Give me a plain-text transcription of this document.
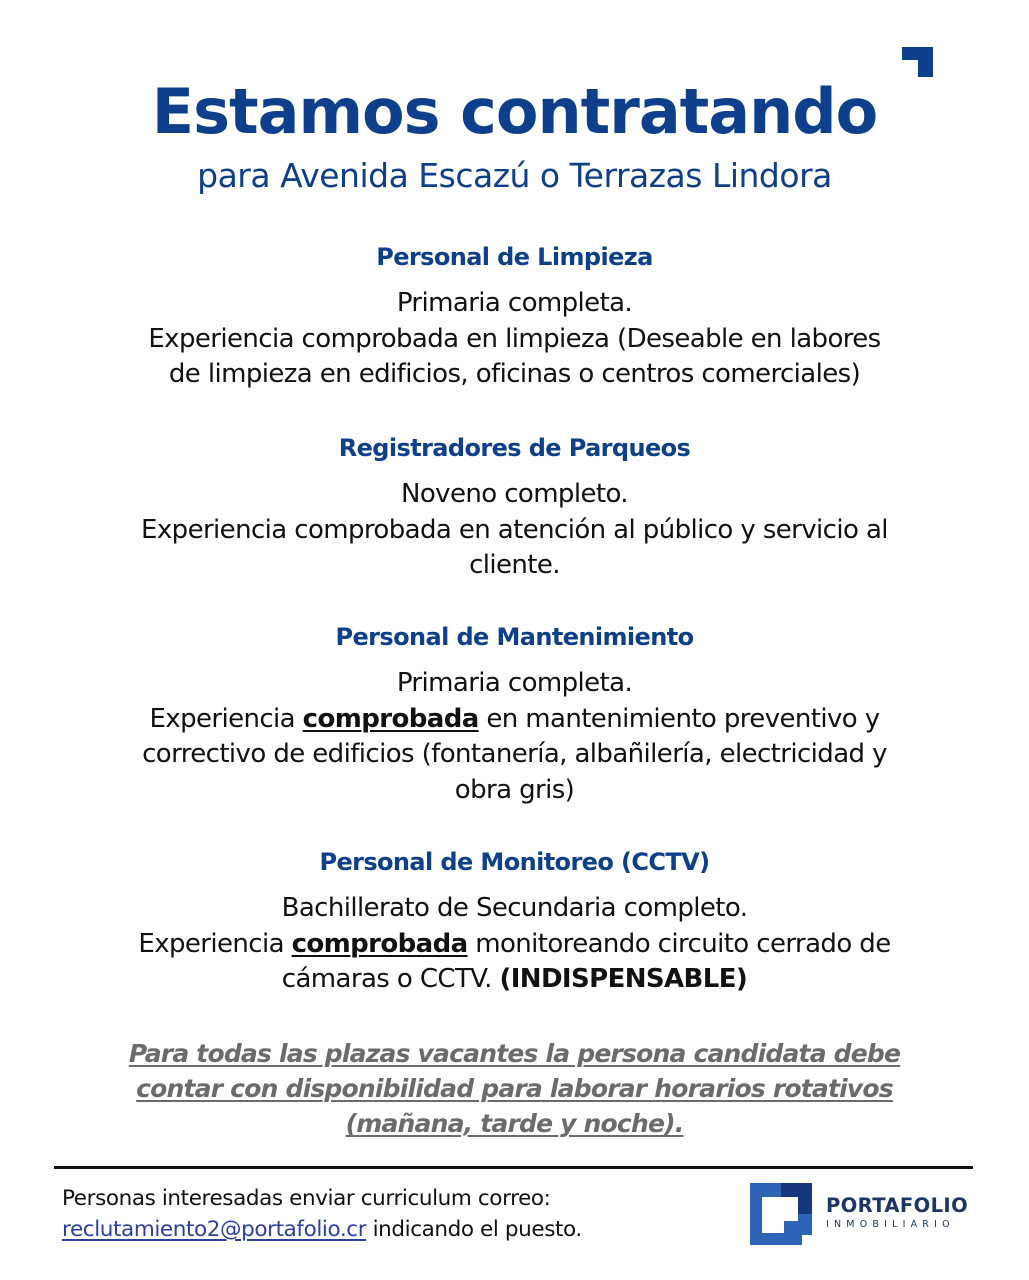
Estamos contratando
para Avenida Escazú o Terrazas Lindora
Personal de Limpieza
Primaria completa.
Experiencia comprobada en limpieza (Deseable en labores
de limpieza en edificios, oficinas o centros comerciales)
Registradores de Parqueos
Noveno completo.
Experiencia comprobada en atención al público y servicio al
cliente.
Personal de Mantenimiento
Primaria completa.
Experiencia comprobada en mantenimiento preventivo y
correctivo de edificios (fontanería, albañilería, electricidad y
obra gris)
Personal de Monitoreo (CCTV)
Bachillerato de Secundaria completo.
Experiencia comprobada monitoreando circuito cerrado de
cámaras o CCTV. (INDISPENSABLE)
Para todas las plazas vacantes la persona candidata debe
contar con disponibilidad para laborar horarios rotativos
(mañana, tarde y noche).
Personas interesadas enviar curriculum correo:
reclutamiento2@portafolio.cr indicando el puesto.
PORTAFOLIO
INMOBILIARIO
